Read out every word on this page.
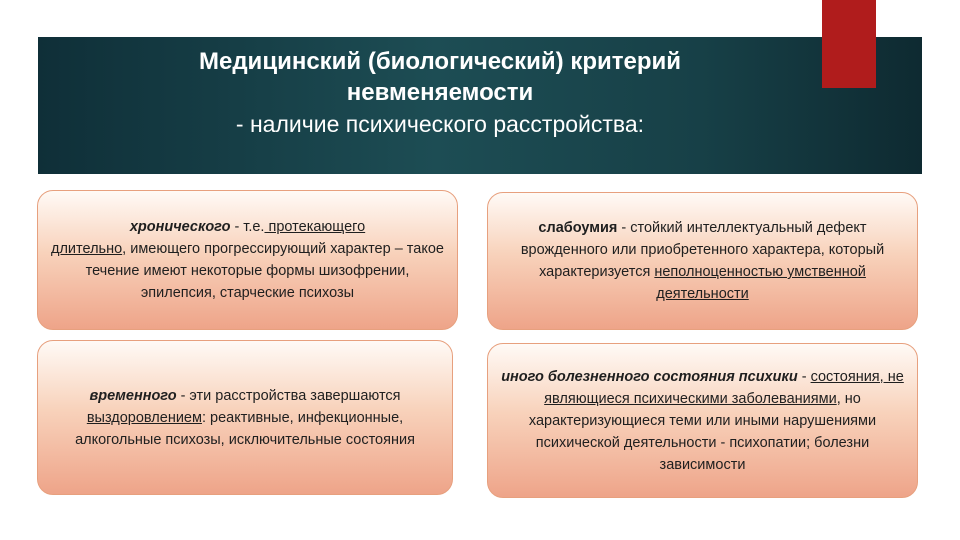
Медицинский (биологический) критерий
невменяемости
- наличие психического расстройства:

хронического - т.е. протекающего
длительно, имеющего прогрессирующий характер – такое течение имеют некоторые формы шизофрении, эпилепсия, старческие психозы

слабоумия - стойкий интеллектуальный дефект врожденного или приобретенного характера, который характеризуется неполноценностью умственной деятельности

временного - эти расстройства завершаются выздоровлением: реактивные, инфекционные, алкогольные психозы, исключительные состояния

иного болезненного состояния психики - состояния, не являющиеся психическими заболеваниями, но характеризующиеся теми или иными нарушениями психической деятельности - психопатии; болезни зависимости
